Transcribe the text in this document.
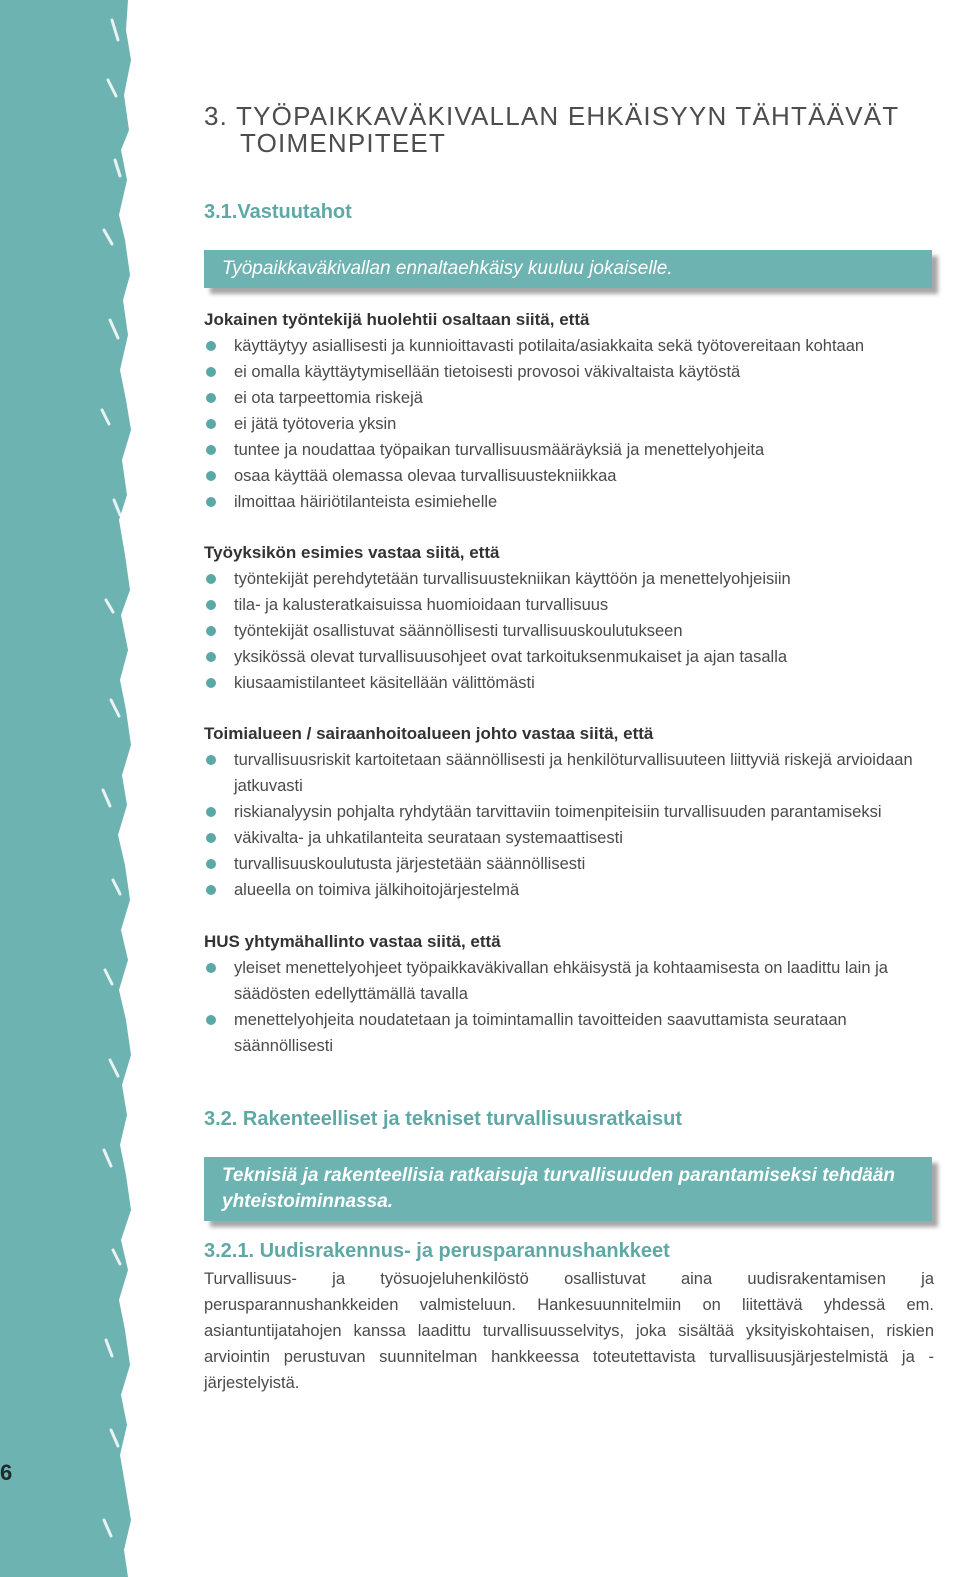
6
3. TYÖPAIKKAVÄKIVALLAN EHKÄISYYN TÄHTÄÄVÄT
TOIMENPITEET
3.1.Vastuutahot
Työpaikkaväkivallan ennaltaehkäisy kuuluu jokaiselle.

Jokainen työntekijä huolehtii osaltaan siitä, että

käyttäytyy asiallisesti ja kunnioittavasti potilaita/asiakkaita sekä työtovereitaan kohtaan
ei omalla käyttäytymisellään tietoisesti provosoi väkivaltaista käytöstä
ei ota tarpeettomia riskejä
ei jätä työtoveria yksin
tuntee ja noudattaa työpaikan turvallisuusmääräyksiä ja menettelyohjeita
osaa käyttää olemassa olevaa turvallisuustekniikkaa
ilmoittaa häiriötilanteista esimiehelle

Työyksikön esimies vastaa siitä, että

työntekijät perehdytetään turvallisuustekniikan käyttöön ja menettelyohjeisiin
tila- ja kalusteratkaisuissa huomioidaan turvallisuus
työntekijät osallistuvat säännöllisesti turvallisuuskoulutukseen
yksikössä olevat turvallisuusohjeet ovat tarkoituksenmukaiset ja ajan tasalla
kiusaamistilanteet käsitellään välittömästi

Toimialueen / sairaanhoitoalueen johto vastaa siitä, että

turvallisuusriskit kartoitetaan säännöllisesti ja henkilöturvallisuuteen liittyviä riskejä arvioidaan jatkuvasti
riskianalyysin pohjalta ryhdytään tarvittaviin toimenpiteisiin turvallisuuden parantamiseksi
väkivalta- ja uhkatilanteita seurataan systemaattisesti
turvallisuuskoulutusta järjestetään säännöllisesti
alueella on toimiva jälkihoitojärjestelmä

HUS yhtymähallinto vastaa siitä, että

yleiset menettelyohjeet työpaikkaväkivallan ehkäisystä ja kohtaamisesta on laadittu lain ja säädösten edellyttämällä tavalla
menettelyohjeita noudatetaan ja toimintamallin tavoitteiden saavuttamista seurataan säännöllisesti
3.2. Rakenteelliset ja tekniset turvallisuusratkaisut
Teknisiä ja rakenteellisia ratkaisuja turvallisuuden parantamiseksi tehdään yhteistoiminnassa.
3.2.1. Uudisrakennus- ja perusparannushankkeet

Turvallisuus- ja työsuojeluhenkilöstö osallistuvat aina uudisrakentamisen ja perusparannushankkeiden valmisteluun. Hankesuunnitelmiin on liitettävä yhdessä em. asiantuntijatahojen kanssa laadittu turvallisuusselvitys, joka sisältää yksityiskohtaisen, riskien arviointin perustuvan suunnitelman hankkeessa toteutettavista turvallisuusjärjestelmistä ja -järjestelyistä.
